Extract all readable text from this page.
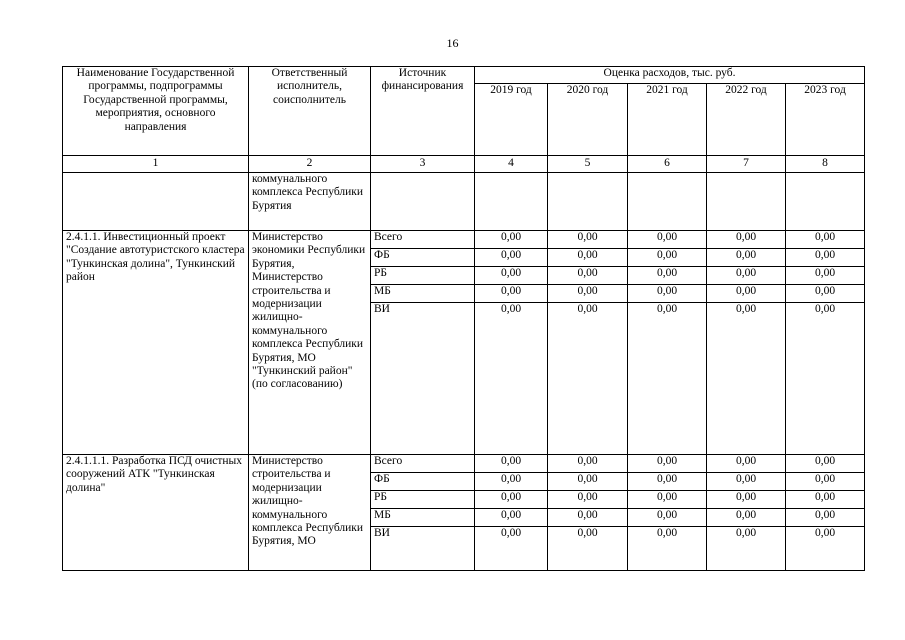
16
Наименование Государственной программы, подпрограммы Государственной программы, мероприятия, основного направления	Ответственный исполнитель, соисполнитель	Источник финансирования	Оценка расходов, тыс. руб.				
			2019 год	2020 год	2021 год	2022 год	2023 год
1	2	3	4	5	6	7	8
	коммунального комплекса Республики Бурятия						
2.4.1.1. Инвестиционный проект "Создание автотуристского кластера "Тункинская долина", Тункинский район	Министерство экономики Республики Бурятия, Министерство строительства и модернизации жилищно-коммунального комплекса Республики Бурятия, МО "Тункинский район" (по согласованию)	Всего	0,00	0,00	0,00	0,00	0,00
		ФБ	0,00	0,00	0,00	0,00	0,00
		РБ	0,00	0,00	0,00	0,00	0,00
		МБ	0,00	0,00	0,00	0,00	0,00
		ВИ	0,00	0,00	0,00	0,00	0,00
2.4.1.1.1. Разработка ПСД очистных сооружений АТК "Тункинская долина"	Министерство строительства и модернизации жилищно-коммунального комплекса Республики Бурятия, МО	Всего	0,00	0,00	0,00	0,00	0,00
		ФБ	0,00	0,00	0,00	0,00	0,00
		РБ	0,00	0,00	0,00	0,00	0,00
		МБ	0,00	0,00	0,00	0,00	0,00
		ВИ	0,00	0,00	0,00	0,00	0,00
